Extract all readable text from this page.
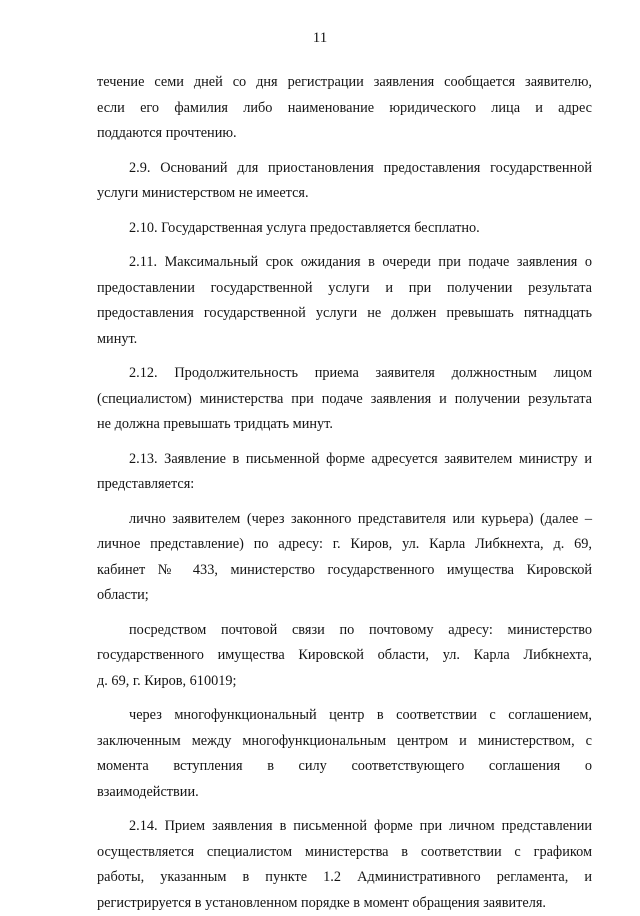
11
течение семи дней со дня регистрации заявления сообщается заявителю,
если его фамилия либо наименование юридического лица и адрес
поддаются прочтению.
2.9. Оснований для приостановления предоставления государственной
услуги министерством не имеется.
2.10. Государственная услуга предоставляется бесплатно.
2.11. Максимальный срок ожидания в очереди при подаче заявления о
предоставлении государственной услуги и при получении результата
предоставления государственной услуги не должен превышать пятнадцать
минут.
2.12. Продолжительность приема заявителя должностным лицом
(специалистом) министерства при подаче заявления и получении результата
не должна превышать тридцать минут.
2.13. Заявление в письменной форме адресуется заявителем министру и
представляется:
лично заявителем (через законного представителя или курьера) (далее –
личное представление) по адресу: г. Киров, ул. Карла Либкнехта, д. 69,
кабинет № 433, министерство государственного имущества Кировской
области;
посредством почтовой связи по почтовому адресу: министерство
государственного имущества Кировской области, ул. Карла Либкнехта,
д. 69, г. Киров, 610019;
через многофункциональный центр в соответствии с соглашением,
заключенным между многофункциональным центром и министерством, с
момента вступления в силу соответствующего соглашения о
взаимодействии.
2.14. Прием заявления в письменной форме при личном представлении
осуществляется специалистом министерства в соответствии с графиком
работы, указанным в пункте 1.2 Административного регламента, и
регистрируется в установленном порядке в момент обращения заявителя.
